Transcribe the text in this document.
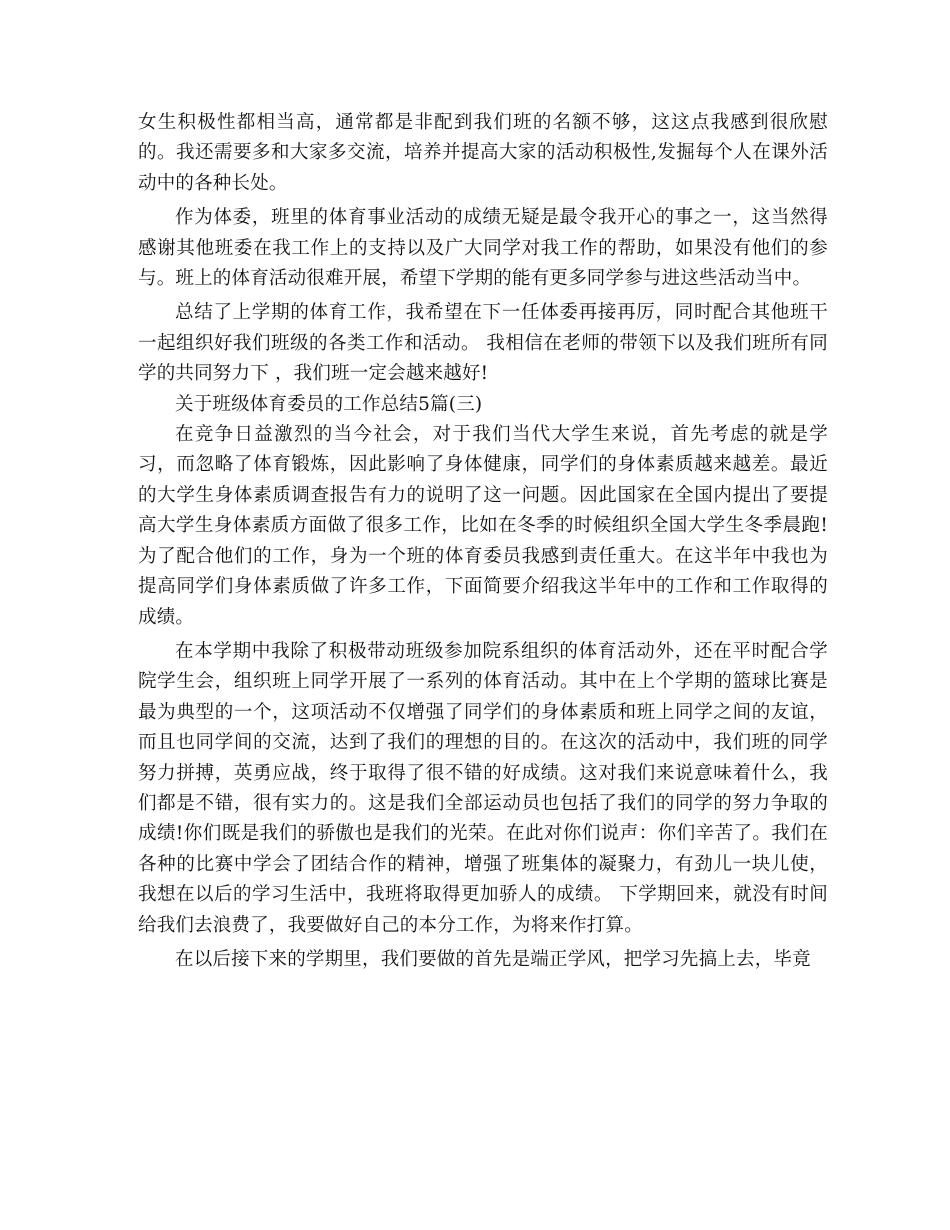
女生积极性都相当高，通常都是非配到我们班的名额不够，这这点我感到很欣慰的。我还需要多和大家多交流，培养并提高大家的活动积极性,发掘每个人在课外活动中的各种长处。

作为体委，班里的体育事业活动的成绩无疑是最令我开心的事之一，这当然得感谢其他班委在我工作上的支持以及广大同学对我工作的帮助，如果没有他们的参与。班上的体育活动很难开展，希望下学期的能有更多同学参与进这些活动当中。

总结了上学期的体育工作，我希望在下一任体委再接再厉，同时配合其他班干一起组织好我们班级的各类工作和活动。 我相信在老师的带领下以及我们班所有同学的共同努力下 ，我们班一定会越来越好!

关于班级体育委员的工作总结5篇(三)

在竞争日益激烈的当今社会，对于我们当代大学生来说，首先考虑的就是学习，而忽略了体育锻炼，因此影响了身体健康，同学们的身体素质越来越差。最近的大学生身体素质调查报告有力的说明了这一问题。因此国家在全国内提出了要提高大学生身体素质方面做了很多工作，比如在冬季的时候组织全国大学生冬季晨跑!为了配合他们的工作，身为一个班的体育委员我感到责任重大。在这半年中我也为提高同学们身体素质做了许多工作，下面简要介绍我这半年中的工作和工作取得的成绩。

在本学期中我除了积极带动班级参加院系组织的体育活动外，还在平时配合学院学生会，组织班上同学开展了一系列的体育活动。其中在上个学期的篮球比赛是最为典型的一个，这项活动不仅增强了同学们的身体素质和班上同学之间的友谊，而且也同学间的交流，达到了我们的理想的目的。在这次的活动中，我们班的同学努力拼搏，英勇应战，终于取得了很不错的好成绩。这对我们来说意味着什么，我们都是不错，很有实力的。这是我们全部运动员也包括了我们的同学的努力争取的成绩!你们既是我们的骄傲也是我们的光荣。在此对你们说声：你们辛苦了。我们在各种的比赛中学会了团结合作的精神，增强了班集体的凝聚力，有劲儿一块儿使，我想在以后的学习生活中，我班将取得更加骄人的成绩。 下学期回来，就没有时间给我们去浪费了，我要做好自己的本分工作，为将来作打算。

在以后接下来的学期里，我们要做的首先是端正学风，把学习先搞上去，毕竟
